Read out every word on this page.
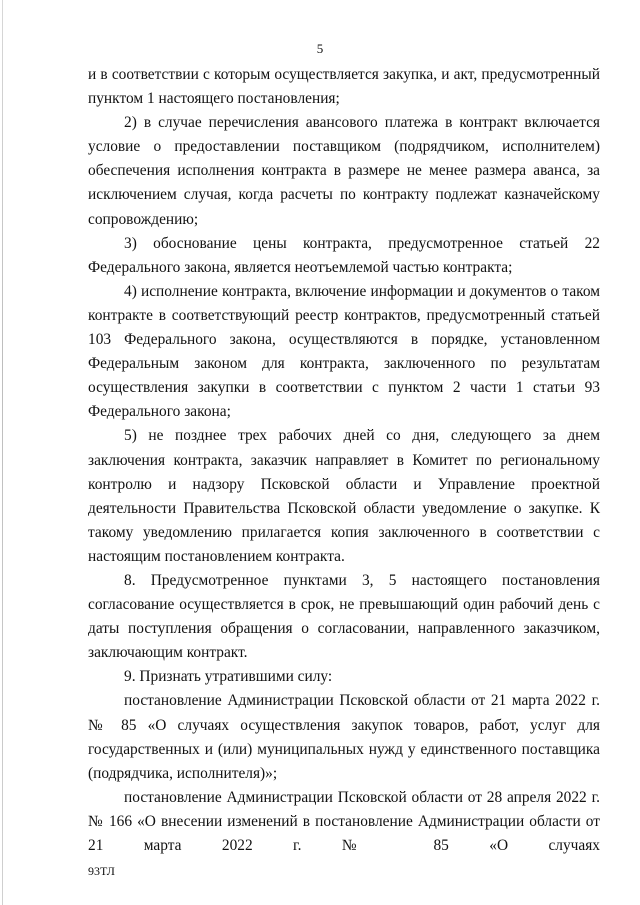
5

и в соответствии с которым осуществляется закупка, и акт, предусмотренный пунктом 1 настоящего постановления;

2) в случае перечисления авансового платежа в контракт включается условие о предоставлении поставщиком (подрядчиком, исполнителем) обеспечения исполнения контракта в размере не менее размера аванса, за исключением случая, когда расчеты по контракту подлежат казначейскому сопровождению;

3) обоснование цены контракта, предусмотренное статьей 22 Федерального закона, является неотъемлемой частью контракта;

4) исполнение контракта, включение информации и документов о таком контракте в соответствующий реестр контрактов, предусмотренный статьей 103 Федерального закона, осуществляются в порядке, установленном Федеральным законом для контракта, заключенного по результатам осуществления закупки в соответствии с пунктом 2 части 1 статьи 93 Федерального закона;

5) не позднее трех рабочих дней со дня, следующего за днем заключения контракта, заказчик направляет в Комитет по региональному контролю и надзору Псковской области и Управление проектной деятельности Правительства Псковской области уведомление о закупке. К такому уведомлению прилагается копия заключенного в соответствии с настоящим постановлением контракта.

8. Предусмотренное пунктами 3, 5 настоящего постановления согласование осуществляется в срок, не превышающий один рабочий день с даты поступления обращения о согласовании, направленного заказчиком, заключающим контракт.

9. Признать утратившими силу:

постановление Администрации Псковской области от 21 марта 2022 г. № 85 «О случаях осуществления закупок товаров, работ, услуг для государственных и (или) муниципальных нужд у единственного поставщика (подрядчика, исполнителя)»;

постановление Администрации Псковской области от 28 апреля 2022 г. № 166 «О внесении изменений в постановление Администрации области от 21 марта 2022 г. № 85 «О случаях

93ТЛ
